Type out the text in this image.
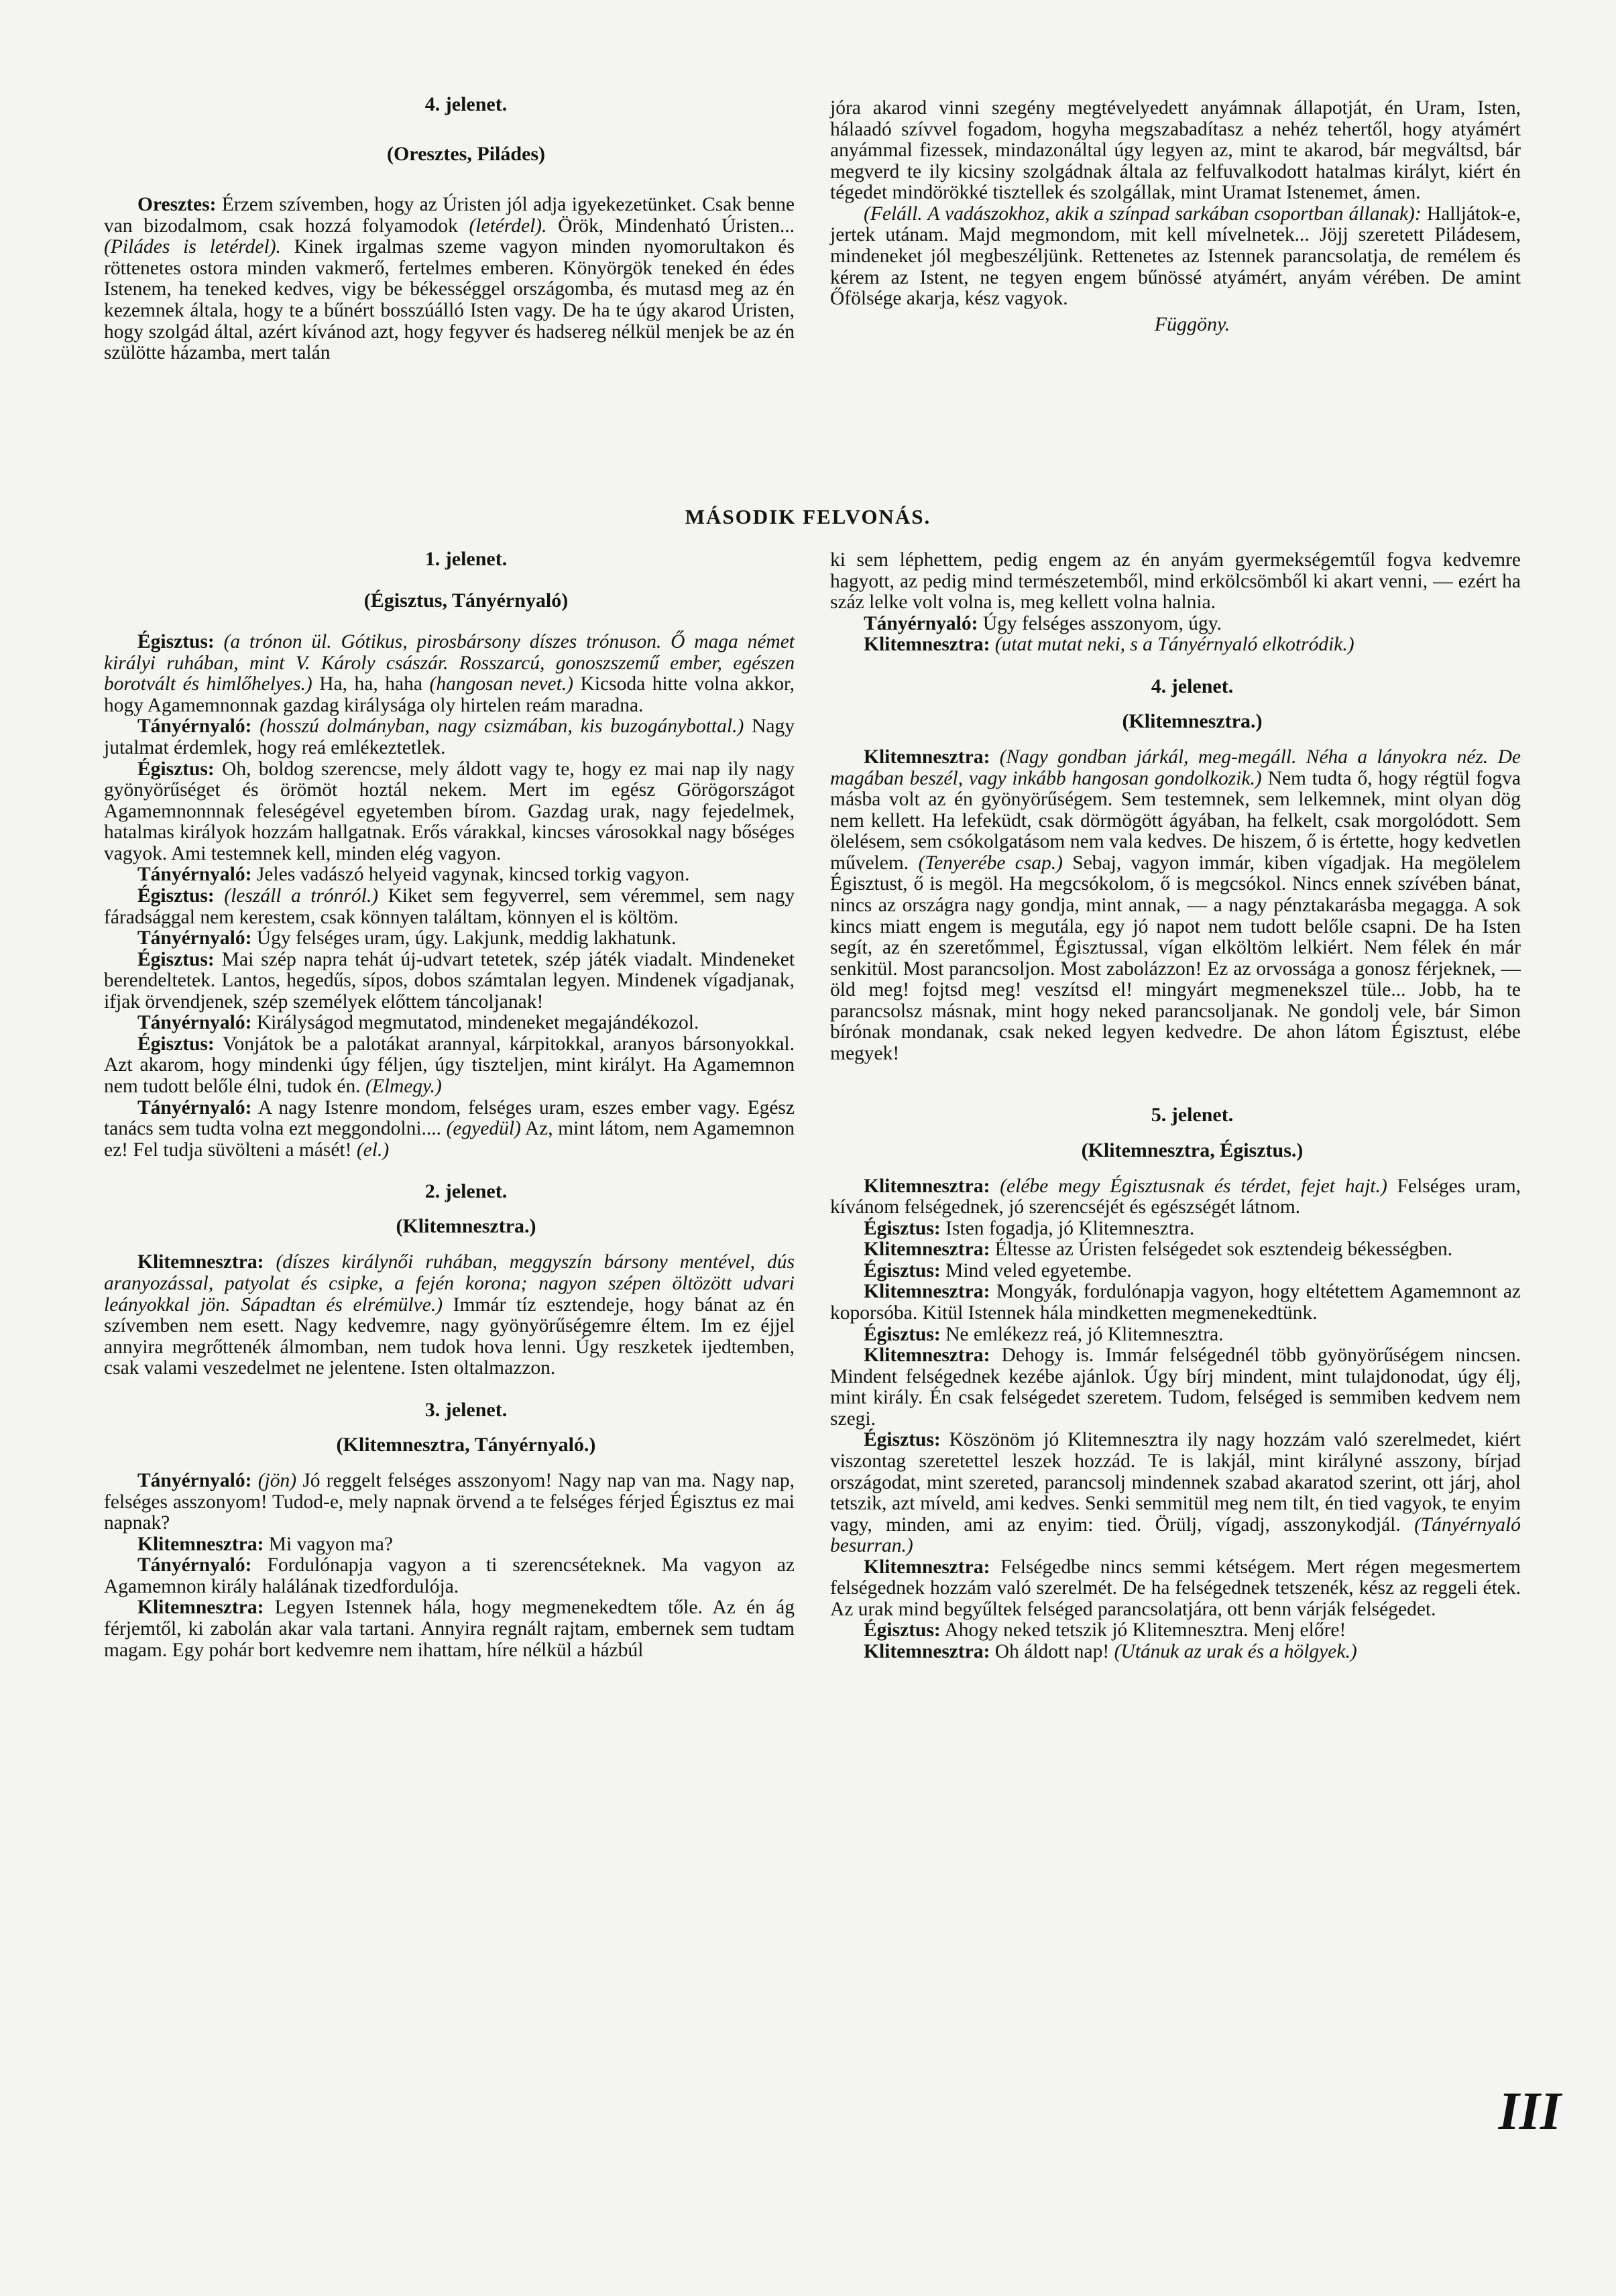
4. jelenet.

(Oresztes, Piládes)

Oresztes: Érzem szívemben, hogy az Úristen jól adja igyekezetünket. Csak benne van bizodalmom, csak hozzá folyamodok (letérdel). Örök, Mindenható Úristen... (Piládes is letérdel). Kinek irgalmas szeme vagyon minden nyomorultakon és röttenetes ostora minden vakmerő, fertelmes emberen. Könyörgök teneked én édes Istenem, ha teneked kedves, vigy be békességgel országomba, és mutasd meg az én kezemnek általa, hogy te a bűnért bosszúálló Isten vagy. De ha te úgy akarod Úristen, hogy szolgád által, azért kívánod azt, hogy fegyver és hadsereg nélkül menjek be az én szülötte házamba, mert talán

jóra akarod vinni szegény megtévelyedett anyámnak állapotját, én Uram, Isten, hálaadó szívvel fogadom, hogyha megszabadítasz a nehéz tehertől, hogy atyámért anyámmal fizessek, mindazonáltal úgy legyen az, mint te akarod, bár megváltsd, bár megverd te ily kicsiny szolgádnak általa az felfuvalkodott hatalmas királyt, kiért én tégedet mindörökké tisztellek és szolgállak, mint Uramat Istenemet, ámen.

(Feláll. A vadászokhoz, akik a színpad sarkában csoportban állanak): Halljátok-e, jertek utánam. Majd megmondom, mit kell mívelnetek... Jöjj szeretett Piládesem, mindeneket jól megbeszéljünk. Rettenetes az Istennek parancsolatja, de remélem és kérem az Istent, ne tegyen engem bűnössé atyámért, anyám vérében. De amint Őfölsége akarja, kész vagyok.

Függöny.

MÁSODIK FELVONÁS.

1. jelenet.

(Égisztus, Tányérnyaló)

Égisztus: (a trónon ül. Gótikus, pirosbársony díszes trónuson. Ő maga német királyi ruhában, mint V. Károly császár. Rosszarcú, gonoszszemű ember, egészen borotvált és himlőhelyes.) Ha, ha, haha (hangosan nevet.) Kicsoda hitte volna akkor, hogy Agamemnonnak gazdag királysága oly hirtelen reám maradna.

Tányérnyaló: (hosszú dolmányban, nagy csizmában, kis buzogánybottal.) Nagy jutalmat érdemlek, hogy reá emlékeztetlek.

Égisztus: Oh, boldog szerencse, mely áldott vagy te, hogy ez mai nap ily nagy gyönyörűséget és örömöt hoztál nekem. Mert im egész Görögországot Agamemnonnnak feleségével egyetemben bírom. Gazdag urak, nagy fejedelmek, hatalmas királyok hozzám hallgatnak. Erős várakkal, kincses városokkal nagy bőséges vagyok. Ami testemnek kell, minden elég vagyon.

Tányérnyaló: Jeles vadászó helyeid vagynak, kincsed torkig vagyon.

Égisztus: (leszáll a trónról.) Kiket sem fegyverrel, sem véremmel, sem nagy fáradsággal nem kerestem, csak könnyen találtam, könnyen el is költöm.

Tányérnyaló: Úgy felséges uram, úgy. Lakjunk, meddig lakhatunk.

Égisztus: Mai szép napra tehát új-udvart tetetek, szép játék viadalt. Mindeneket berendeltetek. Lantos, hegedűs, sípos, dobos számtalan legyen. Mindenek vígadjanak, ifjak örvendjenek, szép személyek előttem táncoljanak!

Tányérnyaló: Királyságod megmutatod, mindeneket megajándékozol.

Égisztus: Vonjátok be a palotákat arannyal, kárpitokkal, aranyos bársonyokkal. Azt akarom, hogy mindenki úgy féljen, úgy tiszteljen, mint királyt. Ha Agamemnon nem tudott belőle élni, tudok én. (Elmegy.)

Tányérnyaló: A nagy Istenre mondom, felséges uram, eszes ember vagy. Egész tanács sem tudta volna ezt meggondolni.... (egyedül) Az, mint látom, nem Agamemnon ez! Fel tudja süvölteni a másét! (el.)

2. jelenet.

(Klitemnesztra.)

Klitemnesztra: (díszes királynői ruhában, meggyszín bársony mentével, dús aranyozással, patyolat és csipke, a fején korona; nagyon szépen öltözött udvari leányokkal jön. Sápadtan és elrémülve.) Immár tíz esztendeje, hogy bánat az én szívemben nem esett. Nagy kedvemre, nagy gyönyörűségemre éltem. Im ez éjjel annyira megrőttenék álmomban, nem tudok hova lenni. Úgy reszketek ijedtemben, csak valami veszedelmet ne jelentene. Isten oltalmazzon.

3. jelenet.

(Klitemnesztra, Tányérnyaló.)

Tányérnyaló: (jön) Jó reggelt felséges asszonyom! Nagy nap van ma. Nagy nap, felséges asszonyom! Tudod-e, mely napnak örvend a te felséges férjed Égisztus ez mai napnak?

Klitemnesztra: Mi vagyon ma?

Tányérnyaló: Fordulónapja vagyon a ti szerencséteknek. Ma vagyon az Agamemnon király halálának tizedfordulója.

Klitemnesztra: Legyen Istennek hála, hogy megmenekedtem tőle. Az én ág férjemtől, ki zabolán akar vala tartani. Annyira regnált rajtam, embernek sem tudtam magam. Egy pohár bort kedvemre nem ihattam, híre nélkül a házbúl

ki sem léphettem, pedig engem az én anyám gyermekségemtűl fogva kedvemre hagyott, az pedig mind természetemből, mind erkölcsömből ki akart venni, — ezért ha száz lelke volt volna is, meg kellett volna halnia.

Tányérnyaló: Úgy felséges asszonyom, úgy.

Klitemnesztra: (utat mutat neki, s a Tányérnyaló elkotródik.)

4. jelenet.

(Klitemnesztra.)

Klitemnesztra: (Nagy gondban járkál, meg-megáll. Néha a lányokra néz. De magában beszél, vagy inkább hangosan gondolkozik.) Nem tudta ő, hogy régtül fogva másba volt az én gyönyörűségem. Sem testemnek, sem lelkemnek, mint olyan dög nem kellett. Ha lefeküdt, csak dörmögött ágyában, ha felkelt, csak morgolódott. Sem ölelésem, sem csókolgatásom nem vala kedves. De hiszem, ő is értette, hogy kedvetlen művelem. (Tenyerébe csap.) Sebaj, vagyon immár, kiben vígadjak. Ha megölelem Égisztust, ő is megöl. Ha megcsókolom, ő is megcsókol. Nincs ennek szívében bánat, nincs az országra nagy gondja, mint annak, — a nagy pénztakarásba megagga. A sok kincs miatt engem is megutála, egy jó napot nem tudott belőle csapni. De ha Isten segít, az én szeretőmmel, Égisztussal, vígan elköltöm lelkiért. Nem félek én már senkitül. Most parancsoljon. Most zabolázzon! Ez az orvossága a gonosz férjeknek, — öld meg! fojtsd meg! veszítsd el! mingyárt megmenekszel tüle... Jobb, ha te parancsolsz másnak, mint hogy neked parancsoljanak. Ne gondolj vele, bár Simon bírónak mondanak, csak neked legyen kedvedre. De ahon látom Égisztust, elébe megyek!

5. jelenet.

(Klitemnesztra, Égisztus.)

Klitemnesztra: (elébe megy Égisztusnak és térdet, fejet hajt.) Felséges uram, kívánom felségednek, jó szerencséjét és egészségét látnom.

Égisztus: Isten fogadja, jó Klitemnesztra.

Klitemnesztra: Éltesse az Úristen felségedet sok esztendeig békességben.

Égisztus: Mind veled egyetembe.

Klitemnesztra: Mongyák, fordulónapja vagyon, hogy eltétettem Agamemnont az koporsóba. Kitül Istennek hála mindketten megmenekedtünk.

Égisztus: Ne emlékezz reá, jó Klitemnesztra.

Klitemnesztra: Dehogy is. Immár felségednél több gyönyörűségem nincsen. Mindent felségednek kezébe ajánlok. Úgy bírj mindent, mint tulajdonodat, úgy élj, mint király. Én csak felségedet szeretem. Tudom, felséged is semmiben kedvem nem szegi.

Égisztus: Köszönöm jó Klitemnesztra ily nagy hozzám való szerelmedet, kiért viszontag szeretettel leszek hozzád. Te is lakjál, mint királyné asszony, bírjad országodat, mint szereted, parancsolj mindennek szabad akaratod szerint, ott járj, ahol tetszik, azt míveld, ami kedves. Senki semmitül meg nem tilt, én tied vagyok, te enyim vagy, minden, ami az enyim: tied. Örülj, vígadj, asszonykodjál. (Tányérnyaló besurran.)

Klitemnesztra: Felségedbe nincs semmi kétségem. Mert régen megesmertem felségednek hozzám való szerelmét. De ha felségednek tetszenék, kész az reggeli étek. Az urak mind begyűltek felséged parancsolatjára, ott benn várják felségedet.

Égisztus: Ahogy neked tetszik jó Klitemnesztra. Menj előre!

Klitemnesztra: Oh áldott nap! (Utánuk az urak és a hölgyek.)

III
